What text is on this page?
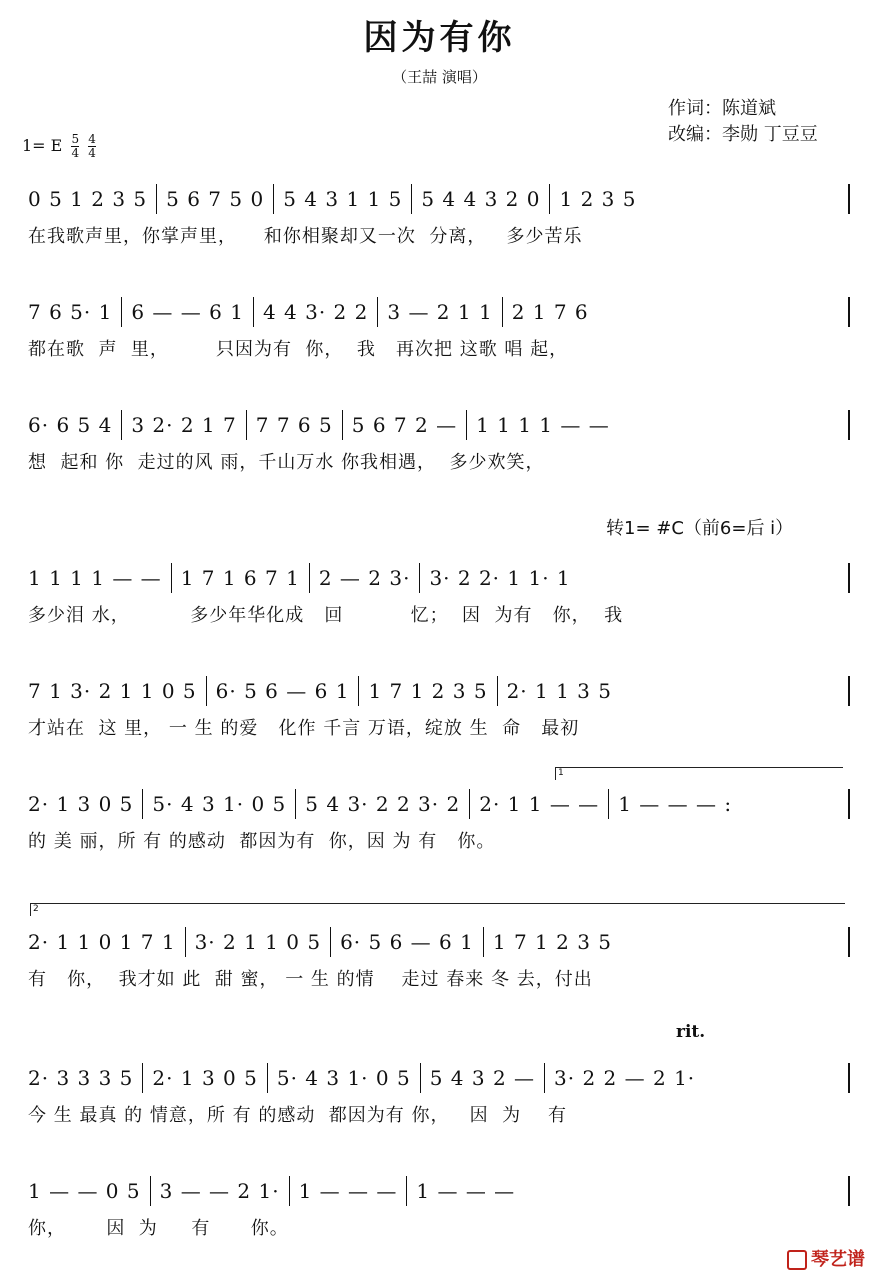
因为有你
（王喆 演唱）
作词：陈道斌
改编：李勋 丁豆豆
1= E $\frac{5}{4}$
$\frac{4}{4}$
转1= #C（前6=后 i）
rit.
1
2
0 5 1 2 3 5 5 6 7 5 0 5 4 3 1 1 5 5 4 4 3 2 0 1 2 3 5
在我歌声里，你掌声里，    和你相聚却又一次  分离，   多少苦乐
7 6 5· 1 6 — — 6 1 4 4 3· 2 2 3 — 2 1 1 2 1 7 6
都在歌  声  里，       只因为有  你，  我   再次把 这歌 唱 起，
6· 6 5 4 3 2· 2 1 7 7 7 6 5 5 6 7 2 — 1 1 1 1 — —
想  起和 你  走过的风 雨，千山万水 你我相遇，  多少欢笑，
1 1 1 1 — — 1 7 1 6 7 1 2 — 2 3· 3· 2 2· 1 1· 1
多少泪 水，         多少年华化成   回          忆；  因  为有   你，  我
7 1 3· 2 1 1 0 5 6· 5 6 — 6 1 1 7 1 2 3 5 2· 1 1 3 5
才站在  这 里， 一 生 的爱   化作 千言 万语，绽放 生  命   最初
2· 1 3 0 5 5· 4 3 1· 0 5 5 4 3· 2 2 3· 2 2· 1 1 — — 1 — — — :
的 美 丽，所 有 的感动  都因为有  你，因 为 有   你。
2· 1 1 0 1 7 1 3· 2 1 1 0 5 6· 5 6 — 6 1 1 7 1 2 3 5
有   你，  我才如 此  甜 蜜， 一 生 的情    走过 春来 冬 去，付出
2· 3 3 3 5 2· 1 3 0 5 5· 4 3 1· 0 5 5 4 3 2 — 3· 2 2 — 2 1·
今 生 最真 的 情意，所 有 的感动  都因为有 你，   因  为    有
1 — — 0 5 3 — — 2 1· 1 — — — 1 — — —
你，      因  为     有      你。
琴艺谱
